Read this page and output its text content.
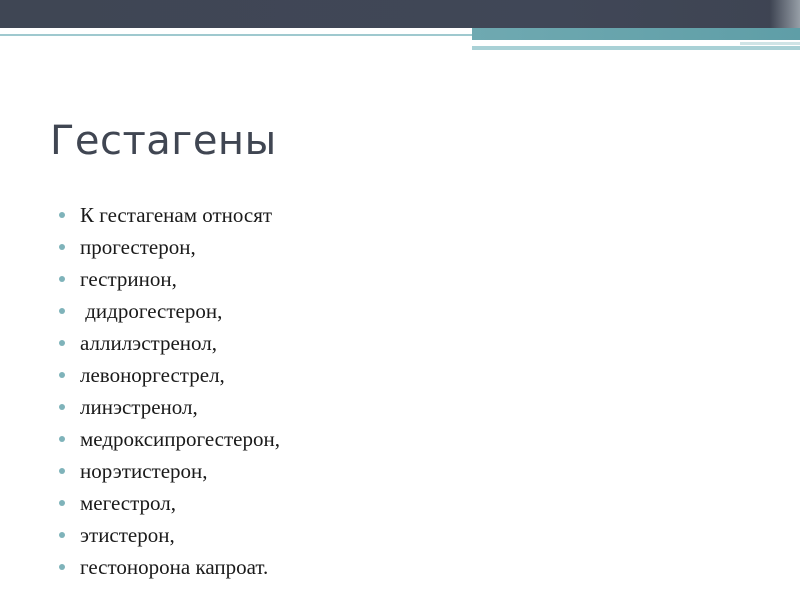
Гестагены
К гестагенам относят
прогестерон,
гестринон,
дидрогестерон,
аллилэстренол,
левоноргестрел,
линэстренол,
медроксипрогестерон,
норэтистерон,
мегестрол,
этистерон,
гестонорона капроат.
